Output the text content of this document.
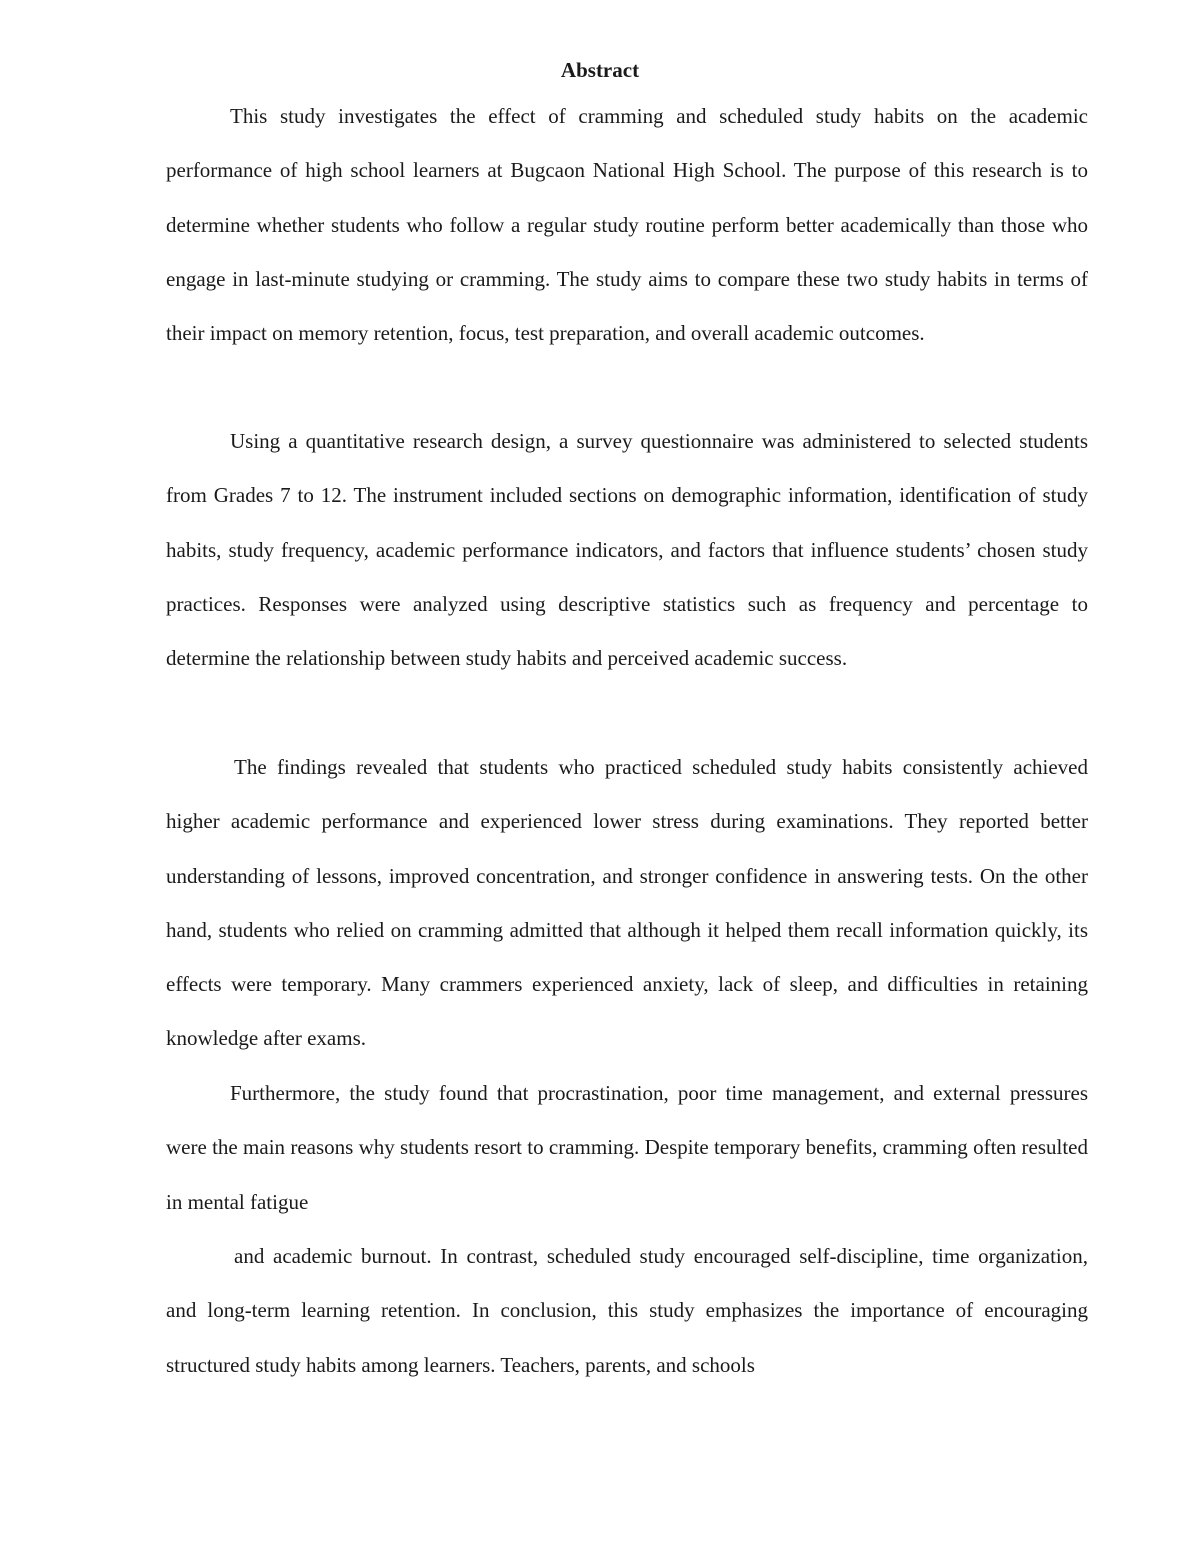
Abstract

This study investigates the effect of cramming and scheduled study habits on the academic performance of high school learners at Bugcaon National High School. The purpose of this research is to determine whether students who follow a regular study routine perform better academically than those who engage in last-minute studying or cramming. The study aims to compare these two study habits in terms of their impact on memory retention, focus, test preparation, and overall academic outcomes.

Using a quantitative research design, a survey questionnaire was administered to selected students from Grades 7 to 12. The instrument included sections on demographic information, identification of study habits, study frequency, academic performance indicators, and factors that influence students’ chosen study practices. Responses were analyzed using descriptive statistics such as frequency and percentage to determine the relationship between study habits and perceived academic success.

The findings revealed that students who practiced scheduled study habits consistently achieved higher academic performance and experienced lower stress during examinations. They reported better understanding of lessons, improved concentration, and stronger confidence in answering tests. On the other hand, students who relied on cramming admitted that although it helped them recall information quickly, its effects were temporary. Many crammers experienced anxiety, lack of sleep, and difficulties in retaining knowledge after exams.

Furthermore, the study found that procrastination, poor time management, and external pressures were the main reasons why students resort to cramming. Despite temporary benefits, cramming often resulted in mental fatigue

and academic burnout. In contrast, scheduled study encouraged self-discipline, time organization, and long-term learning retention. In conclusion, this study emphasizes the importance of encouraging structured study habits among learners. Teachers, parents, and schools
